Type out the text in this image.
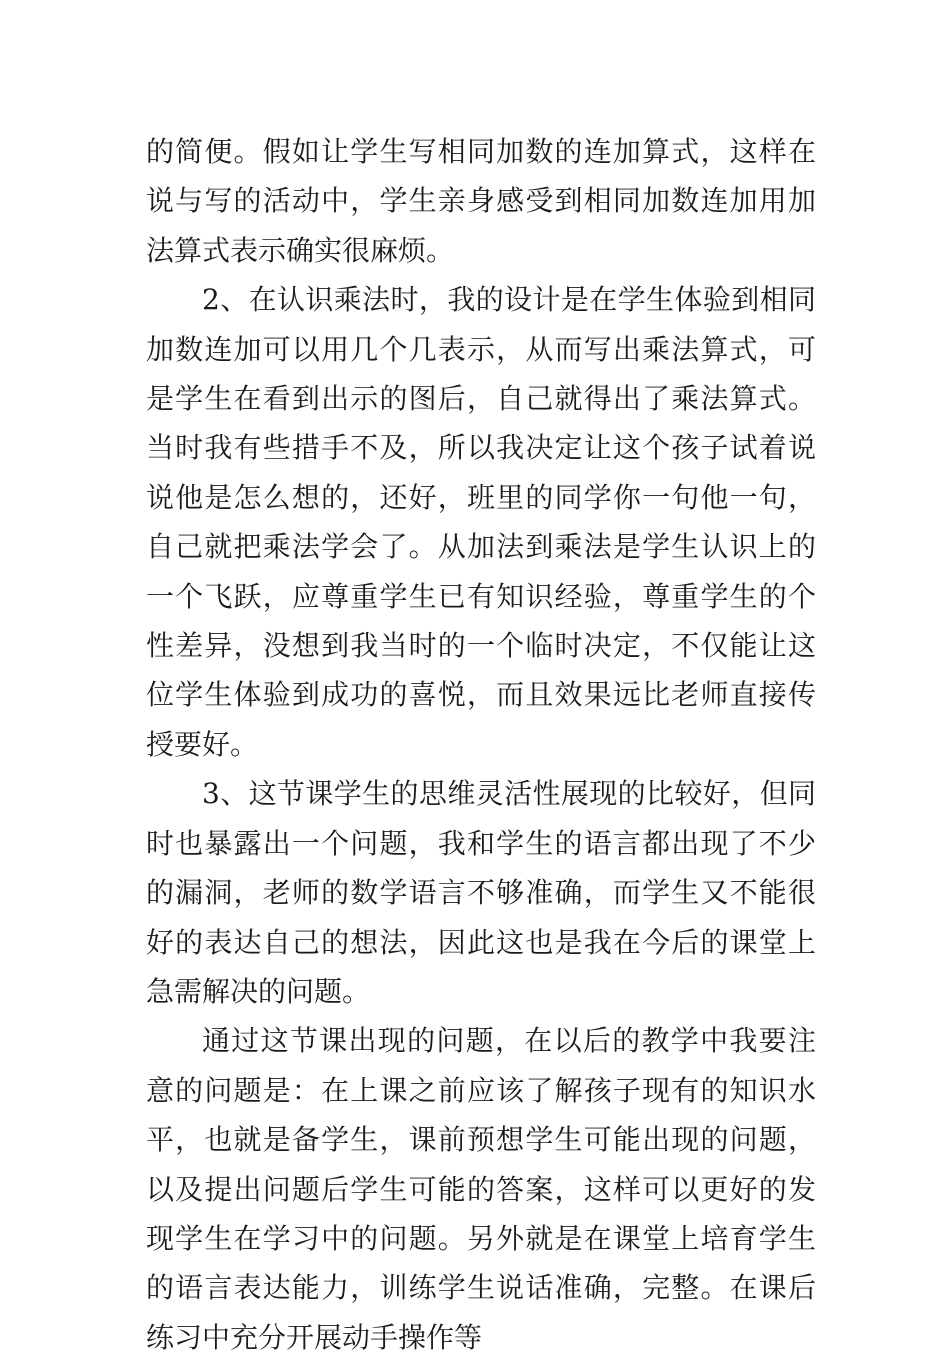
的简便。假如让学生写相同加数的连加算式，这样在说与写的活动中，学生亲身感受到相同加数连加用加法算式表示确实很麻烦。

2、在认识乘法时，我的设计是在学生体验到相同加数连加可以用几个几表示，从而写出乘法算式，可是学生在看到出示的图后，自己就得出了乘法算式。当时我有些措手不及，所以我决定让这个孩子试着说说他是怎么想的，还好，班里的同学你一句他一句，自己就把乘法学会了。从加法到乘法是学生认识上的一个飞跃，应尊重学生已有知识经验，尊重学生的个性差异，没想到我当时的一个临时决定，不仅能让这位学生体验到成功的喜悦，而且效果远比老师直接传授要好。

3、这节课学生的思维灵活性展现的比较好，但同时也暴露出一个问题，我和学生的语言都出现了不少的漏洞，老师的数学语言不够准确，而学生又不能很好的表达自己的想法，因此这也是我在今后的课堂上急需解决的问题。

通过这节课出现的问题，在以后的教学中我要注意的问题是：在上课之前应该了解孩子现有的知识水平，也就是备学生，课前预想学生可能出现的问题，以及提出问题后学生可能的答案，这样可以更好的发现学生在学习中的问题。另外就是在课堂上培育学生的语言表达能力，训练学生说话准确，完整。在课后练习中充分开展动手操作等
